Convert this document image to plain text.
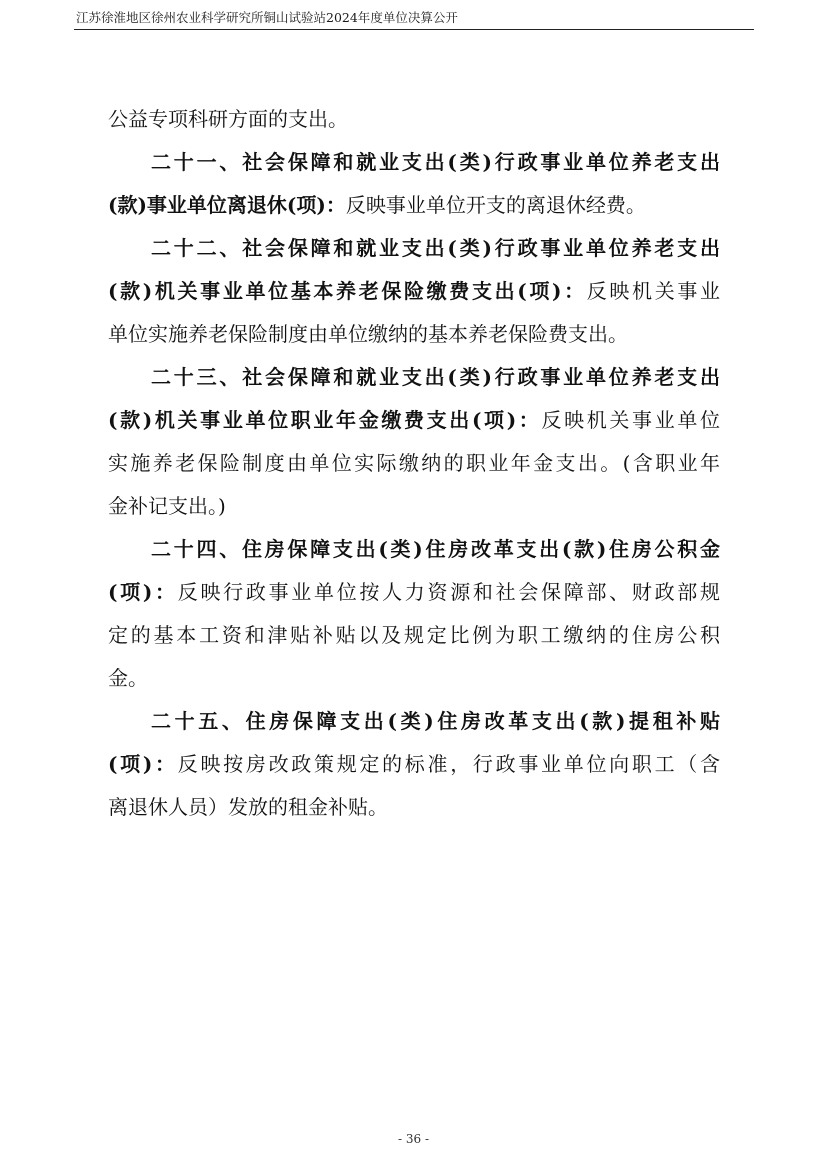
江苏徐淮地区徐州农业科学研究所铜山试验站2024年度单位决算公开
公益专项科研方面的支出。
二十一、社会保障和就业支出(类)行政事业单位养老支出
(款)事业单位离退休(项)：反映事业单位开支的离退休经费。
二十二、社会保障和就业支出(类)行政事业单位养老支出
(款)机关事业单位基本养老保险缴费支出(项)：反映机关事业
单位实施养老保险制度由单位缴纳的基本养老保险费支出。
二十三、社会保障和就业支出(类)行政事业单位养老支出
(款)机关事业单位职业年金缴费支出(项)：反映机关事业单位
实施养老保险制度由单位实际缴纳的职业年金支出。(含职业年
金补记支出。)
二十四、住房保障支出(类)住房改革支出(款)住房公积金
(项)：反映行政事业单位按人力资源和社会保障部、财政部规
定的基本工资和津贴补贴以及规定比例为职工缴纳的住房公积
金。
二十五、住房保障支出(类)住房改革支出(款)提租补贴
(项)：反映按房改政策规定的标准，行政事业单位向职工（含
离退休人员）发放的租金补贴。
- 36 -
